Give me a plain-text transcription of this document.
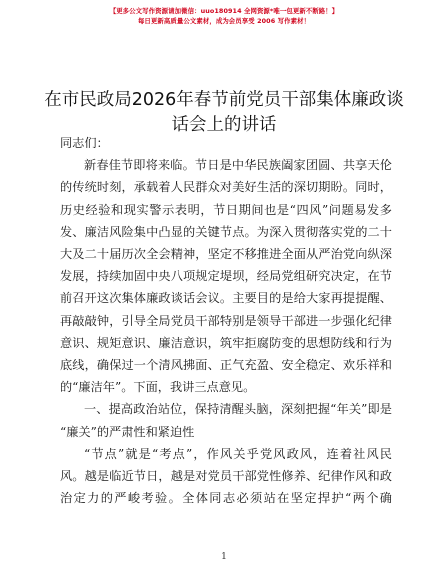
【更多公文写作资源请加微信：uuo180914 全网资源*唯一包更新不断路！】
每日更新高质量公文素材，成为会员享受 2006 写作素材！
在市民政局2026年春节前党员干部集体廉政谈
话会上的讲话
同志们：
新春佳节即将来临。节日是中华民族阖家团圆、共享天伦
的传统时刻，承载着人民群众对美好生活的深切期盼。同时，
历史经验和现实警示表明，节日期间也是“四风”问题易发多
发、廉洁风险集中凸显的关键节点。为深入贯彻落实党的二十
大及二十届历次全会精神，坚定不移推进全面从严治党向纵深
发展，持续加固中央八项规定堤坝，经局党组研究决定，在节
前召开这次集体廉政谈话会议。主要目的是给大家再提提醒、
再敲敲钟，引导全局党员干部特别是领导干部进一步强化纪律
意识、规矩意识、廉洁意识，筑牢拒腐防变的思想防线和行为
底线，确保过一个清风拂面、正气充盈、安全稳定、欢乐祥和
的“廉洁年”。下面，我讲三点意见。
一、提高政治站位，保持清醒头脑，深刻把握“年关”即是
“廉关”的严肃性和紧迫性
“节点”就是“考点”，作风关乎党风政风，连着社风民
风。越是临近节日，越是对党员干部党性修养、纪律作风和政
治定力的严峻考验。全体同志必须站在坚定捍护“两个确
1
